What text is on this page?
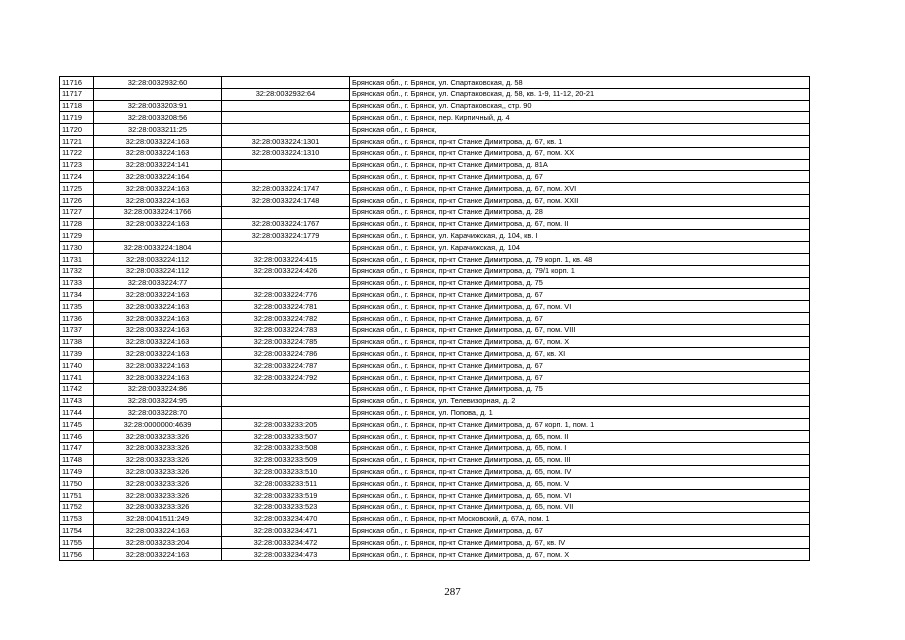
11716	32:28:0032932:60		Брянская обл., г. Брянск, ул. Спартаковская, д. 58
11717		32:28:0032932:64	Брянская обл., г. Брянск, ул. Спартаковская, д. 58, кв. 1-9, 11-12, 20-21
11718	32:28:0033203:91		Брянская обл., г. Брянск, ул. Спартаковская,, стр. 90
11719	32:28:0033208:56		Брянская обл., г. Брянск, пер. Кирпичный, д. 4
11720	32:28:0033211:25		Брянская обл., г. Брянск,
11721	32:28:0033224:163	32:28:0033224:1301	Брянская обл., г. Брянск, пр-кт Станке Димитрова, д. 67, кв. 1
11722	32:28:0033224:163	32:28:0033224:1310	Брянская обл., г. Брянск, пр-кт Станке Димитрова, д. 67, пом. XX
11723	32:28:0033224:141		Брянская обл., г. Брянск, пр-кт Станке Димитрова, д. 81А
11724	32:28:0033224:164		Брянская обл., г. Брянск, пр-кт Станке Димитрова, д. 67
11725	32:28:0033224:163	32:28:0033224:1747	Брянская обл., г. Брянск, пр-кт Станке Димитрова, д. 67, пом. XVI
11726	32:28:0033224:163	32:28:0033224:1748	Брянская обл., г. Брянск, пр-кт Станке Димитрова, д. 67, пом. XXII
11727	32:28:0033224:1766		Брянская обл., г. Брянск, пр-кт Станке Димитрова, д. 28
11728	32:28:0033224:163	32:28:0033224:1767	Брянская обл., г. Брянск, пр-кт Станке Димитрова, д. 67, пом. II
11729		32:28:0033224:1779	Брянская обл., г. Брянск, ул. Карачижская, д. 104, кв. I
11730	32:28:0033224:1804		Брянская обл., г. Брянск, ул. Карачижская, д. 104
11731	32:28:0033224:112	32:28:0033224:415	Брянская обл., г. Брянск, пр-кт Станке Димитрова, д. 79 корп. 1, кв. 48
11732	32:28:0033224:112	32:28:0033224:426	Брянская обл., г. Брянск, пр-кт Станке Димитрова, д. 79/1 корп. 1
11733	32:28:0033224:77		Брянская обл., г. Брянск, пр-кт Станке Димитрова, д. 75
11734	32:28:0033224:163	32:28:0033224:776	Брянская обл., г. Брянск, пр-кт Станке Димитрова, д. 67
11735	32:28:0033224:163	32:28:0033224:781	Брянская обл., г. Брянск, пр-кт Станке Димитрова, д. 67, пом. VI
11736	32:28:0033224:163	32:28:0033224:782	Брянская обл., г. Брянск, пр-кт Станке Димитрова, д. 67
11737	32:28:0033224:163	32:28:0033224:783	Брянская обл., г. Брянск, пр-кт Станке Димитрова, д. 67, пом. VIII
11738	32:28:0033224:163	32:28:0033224:785	Брянская обл., г. Брянск, пр-кт Станке Димитрова, д. 67, пом. X
11739	32:28:0033224:163	32:28:0033224:786	Брянская обл., г. Брянск, пр-кт Станке Димитрова, д. 67, кв. XI
11740	32:28:0033224:163	32:28:0033224:787	Брянская обл., г. Брянск, пр-кт Станке Димитрова, д. 67
11741	32:28:0033224:163	32:28:0033224:792	Брянская обл., г. Брянск, пр-кт Станке Димитрова, д. 67
11742	32:28:0033224:86		Брянская обл., г. Брянск, пр-кт Станке Димитрова, д. 75
11743	32:28:0033224:95		Брянская обл., г. Брянск, ул. Телевизорная, д. 2
11744	32:28:0033228:70		Брянская обл., г. Брянск, ул. Попова, д. 1
11745	32:28:0000000:4639	32:28:0033233:205	Брянская обл., г. Брянск, пр-кт Станке Димитрова, д. 67 корп. 1, пом. 1
11746	32:28:0033233:326	32:28:0033233:507	Брянская обл., г. Брянск, пр-кт Станке Димитрова, д. 65, пом. II
11747	32:28:0033233:326	32:28:0033233:508	Брянская обл., г. Брянск, пр-кт Станке Димитрова, д. 65, пом. I
11748	32:28:0033233:326	32:28:0033233:509	Брянская обл., г. Брянск, пр-кт Станке Димитрова, д. 65, пом. III
11749	32:28:0033233:326	32:28:0033233:510	Брянская обл., г. Брянск, пр-кт Станке Димитрова, д. 65, пом. IV
11750	32:28:0033233:326	32:28:0033233:511	Брянская обл., г. Брянск, пр-кт Станке Димитрова, д. 65, пом. V
11751	32:28:0033233:326	32:28:0033233:519	Брянская обл., г. Брянск, пр-кт Станке Димитрова, д. 65, пом. VI
11752	32:28:0033233:326	32:28:0033233:523	Брянская обл., г. Брянск, пр-кт Станке Димитрова, д. 65, пом. VII
11753	32:28:0041511:249	32:28:0033234:470	Брянская обл., г. Брянск, пр-кт Московский, д. 67А, пом. 1
11754	32:28:0033224:163	32:28:0033234:471	Брянская обл., г. Брянск, пр-кт Станке Димитрова, д. 67
11755	32:28:0033233:204	32:28:0033234:472	Брянская обл., г. Брянск, пр-кт Станке Димитрова, д. 67, кв. IV
11756	32:28:0033224:163	32:28:0033234:473	Брянская обл., г. Брянск, пр-кт Станке Димитрова, д. 67, пом. X
287
